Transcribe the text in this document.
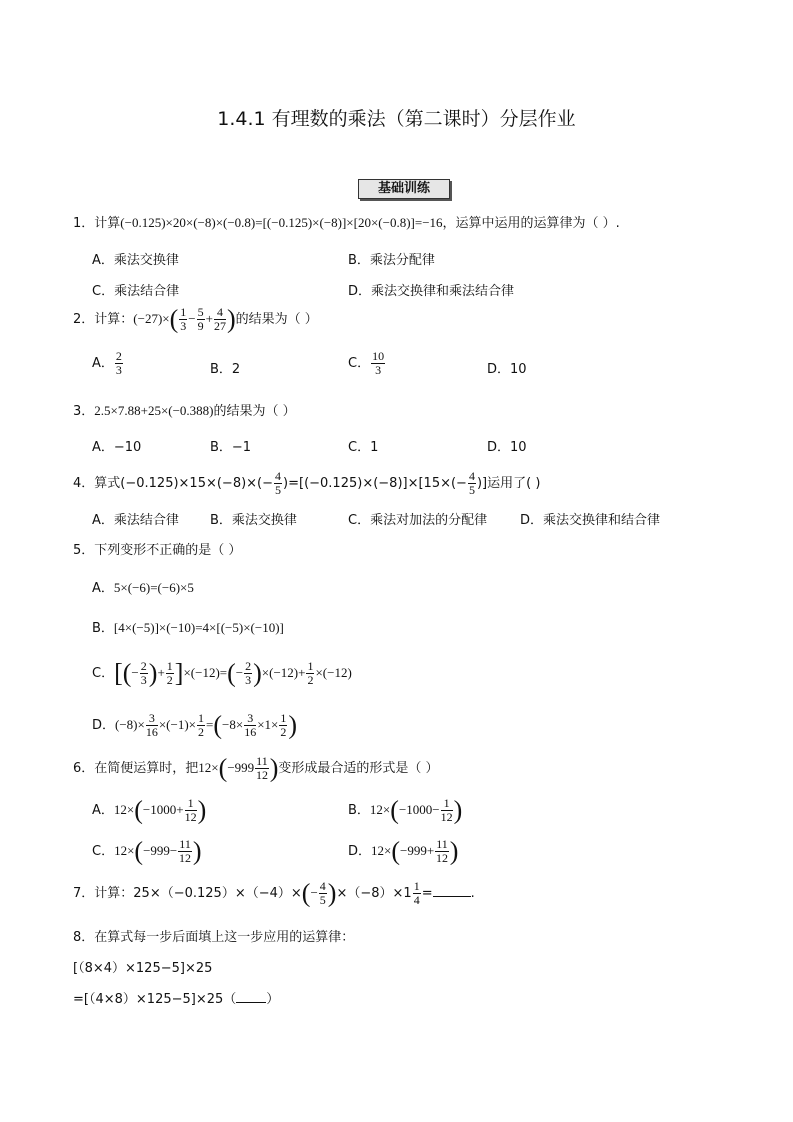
1.4.1 有理数的乘法（第二课时）分层作业
基础训练
1．计算(−0.125)×20×(−8)×(−0.8)=[(−0.125)×(−8)]×[20×(−0.8)]=−16，运算中运用的运算律为（ ）.
A．乘法交换律	B．乘法分配律
C．乘法结合律	D．乘法交换律和乘法结合律
2．计算：$(-27)\times( \frac{1}{3} - \frac{5}{9} + \frac{4}{27}$ )的结果为（ ）
A． $\frac{2}{3}$	B．2	C． $\frac{10}{3}$	D．10
3．2.5×7.88+25×(−0.388)的结果为（ ）
A．−10	B．−1	C．1	D．10
4．算式$(-0.125)\times 15\times(-8)\times(- \frac{4}{5} )=[(-0.125)\times(-8)]\times[15\times(- \frac{4}{5}$ )]运用了( )
A．乘法结合律 B．乘法交换律	C．乘法对加法的分配律	D．乘法交换律和结合律
5．下列变形不正确的是（ ）
A．5×(−6)=(−6)×5
B．[4×(−5)]×(−10)=4×[(−5)×(−10)]
C．[(− $\frac{2}{3}$ )+ $\frac{1}{2} ]\times(-12)=(- \frac{2}{3} )\times(-12)+ \frac{1}{2} \times(-12)$
D．$(-8)\times \frac{3}{16} \times(-1)\times \frac{1}{2} =(-8\times \frac{3}{16} \times 1\times \frac{1}{2}$ )
6．在简便运算时，把$12\times(-999 \frac{11}{12}$ )变形成最合适的形式是（ ）
A．$12\times(-1000+ \frac{1}{12}$ )	B．$12\times(-1000- \frac{1}{12}$ )
C．$12\times(-999- \frac{11}{12}$ )	D．$12\times(-999+ \frac{11}{12}$ )
7．计算：$25\times(-0.125)\times(-4)\times(- \frac{4}{5} )\times(-8)\times 1 \frac{1}{4}$ =	.
8．在算式每一步后面填上这一步应用的运算律：
[（8×4）×125−5]×25
=[（4×8）×125−5]×25（ ）
